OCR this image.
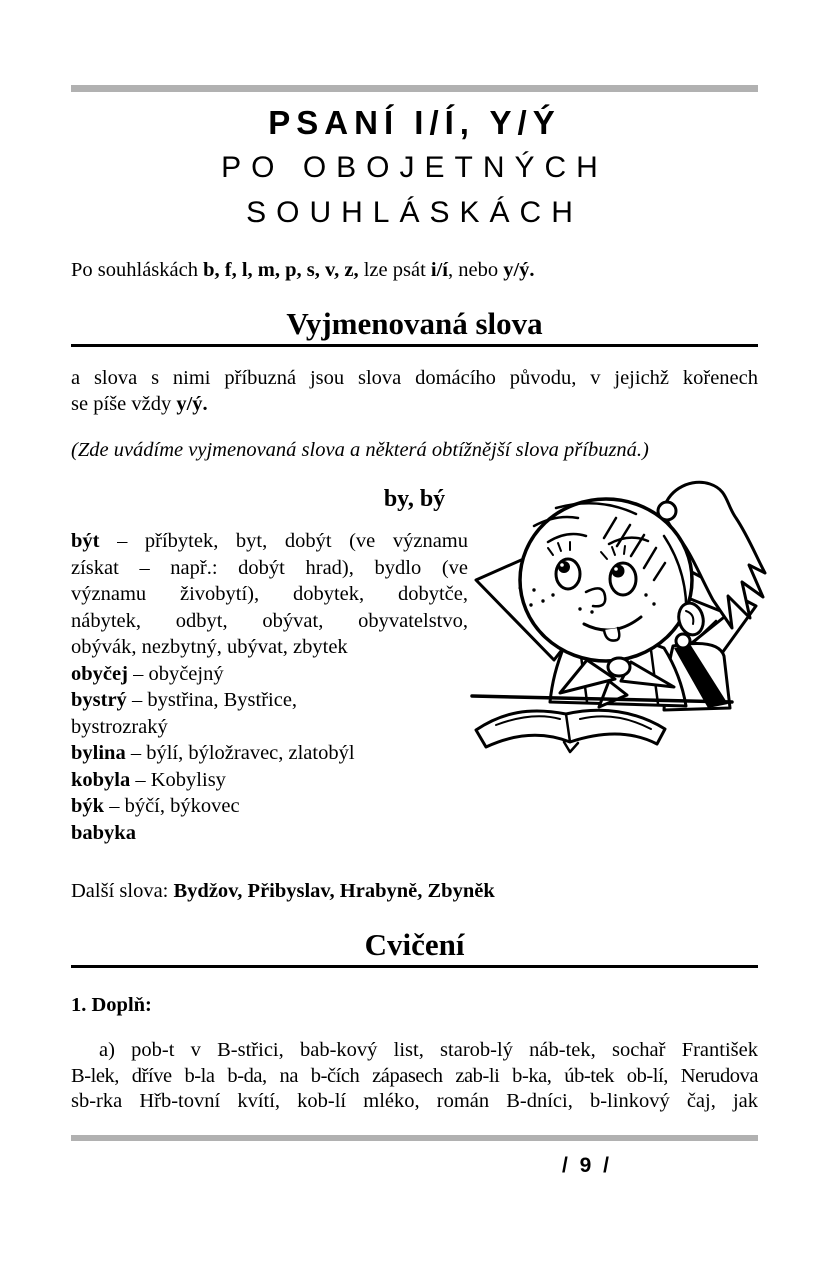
PSANÍ I/Í, Y/Ý
PO OBOJETNÝCH
SOUHLÁSKÁCH

Po souhláskách b, f, l, m, p, s, v, z, lze psát i/í, nebo y/ý.

Vyjmenovaná slova

a slova s nimi příbuzná jsou slova domácího původu, v jejichž kořenech
se píše vždy y/ý.

(Zde uvádíme vyjmenovaná slova a některá obtížnější slova příbuzná.)

by, bý
být – příbytek, byt, dobýt (ve významu
získat – např.: dobýt hrad), bydlo (ve
významu živobytí), dobytek, dobytče,
nábytek, odbyt, obývat, obyvatelstvo,
obývák, nezbytný, ubývat, zbytek
obyčej – obyčejný
bystrý – bystřina, Bystřice,
bystrozraký
bylina – býlí, býložravec, zlatobýl
kobyla – Kobylisy
býk – býčí, býkovec
babyka

Další slova: Bydžov, Přibyslav, Hrabyně, Zbyněk

Cvičení

1. Doplň:

a) pob-t v B-střici, bab-kový list, starob-lý náb-tek, sochař František
B-lek, dříve b-la b-da, na b-čích zápasech zab-li b-ka, úb-tek ob-lí, Nerudova
sb-rka Hřb-tovní kvítí, kob-lí mléko, román B-dníci, b-linkový čaj, jak

/ 9 /
